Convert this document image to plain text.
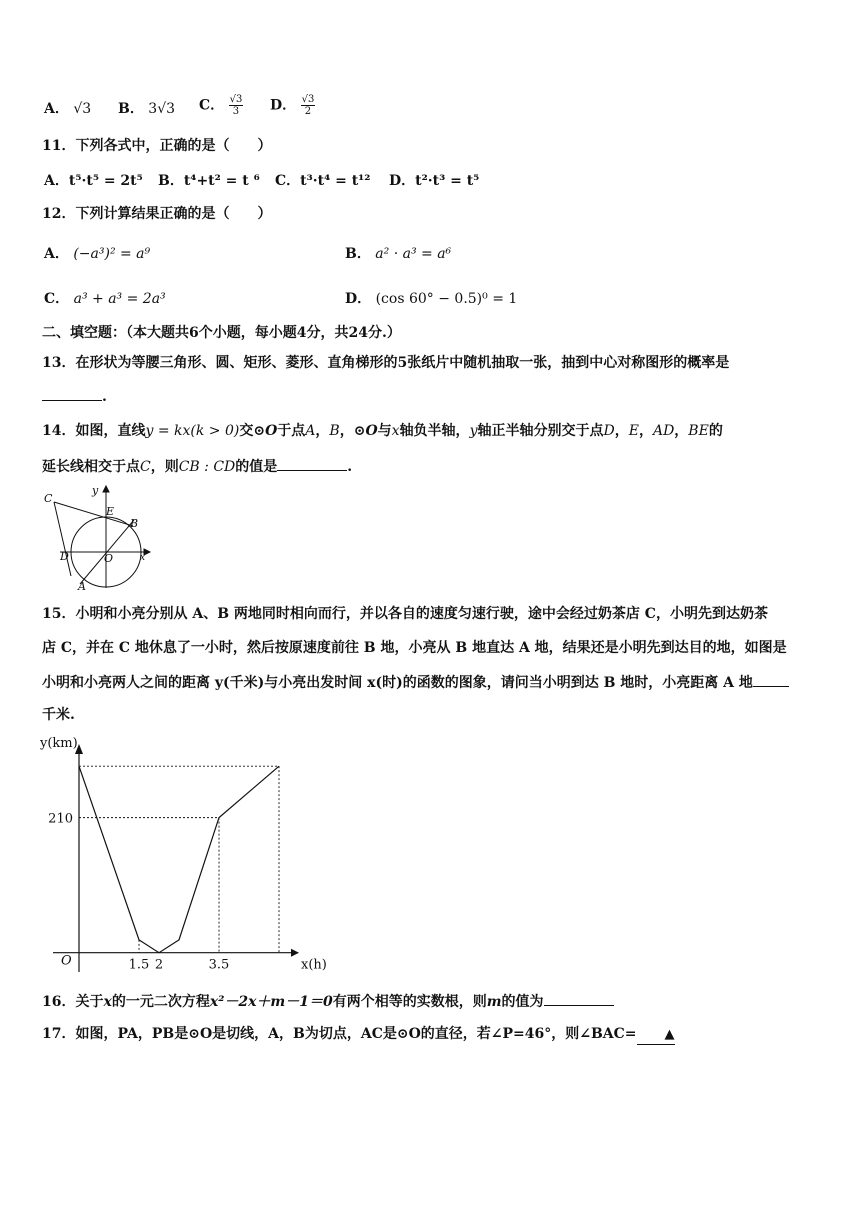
A． √3 B． 3√3 C． $\frac{√3}{3}$ D． $\frac{√3}{2}$
11．下列各式中，正确的是（　　）
A．t⁵·t⁵ = 2t⁵ B．t⁴+t² = t ⁶ C．t³·t⁴ = t¹² D．t²·t³ = t⁵
12．下列计算结果正确的是（　　）
A． (−a³)² = a⁹	B． a² · a³ = a⁶
C． a³ + a³ = 2a³	D． (cos 60° − 0.5)⁰ = 1
二、填空题：（本大题共6个小题，每小题4分，共24分.）
13．在形状为等腰三角形、圆、矩形、菱形、直角梯形的5张纸片中随机抽取一张，抽到中心对称图形的概率是
.
14．如图，直线y = kx(k > 0)交⊙O于点A，B，⊙O与x轴负半轴，y轴正半轴分别交于点D，E，AD，BE的
延长线相交于点C，则CB : CD的值是	.
C
y
E
B
D	O	x
A
15．小明和小亮分别从 A、B 两地同时相向而行，并以各自的速度匀速行驶，途中会经过奶茶店 C，小明先到达奶茶
店 C，并在 C 地休息了一小时，然后按原速度前往 B 地，小亮从 B 地直达 A 地，结果还是小明先到达目的地，如图是
小明和小亮两人之间的距离 y(千米)与小亮出发时间 x(时)的函数的图象，请问当小明到达 B 地时，小亮距离 A 地
千米.
1.5 2	3.5
210
y(km)
x(h)
O
16．关于x的一元二次方程x²－2x＋m－1＝0有两个相等的实数根，则m的值为
17．如图，PA，PB是⊙O是切线，A，B为切点，AC是⊙O的直径，若∠P=46°，则∠BAC= ▲
